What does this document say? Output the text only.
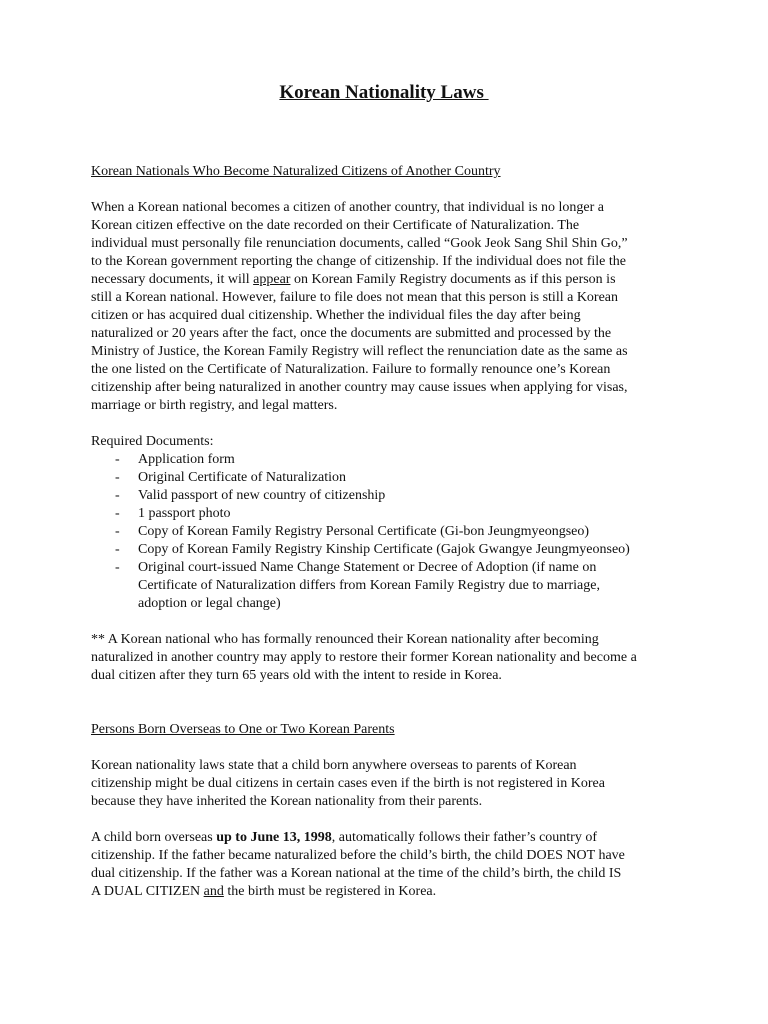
Korean Nationality Laws

Korean Nationals Who Become Naturalized Citizens of Another Country

When a Korean national becomes a citizen of another country, that individual is no longer a
Korean citizen effective on the date recorded on their Certificate of Naturalization. The
individual must personally file renunciation documents, called “Gook Jeok Sang Shil Shin Go,”
to the Korean government reporting the change of citizenship. If the individual does not file the
necessary documents, it will appear on Korean Family Registry documents as if this person is
still a Korean national. However, failure to file does not mean that this person is still a Korean
citizen or has acquired dual citizenship. Whether the individual files the day after being
naturalized or 20 years after the fact, once the documents are submitted and processed by the
Ministry of Justice, the Korean Family Registry will reflect the renunciation date as the same as
the one listed on the Certificate of Naturalization. Failure to formally renounce one’s Korean
citizenship after being naturalized in another country may cause issues when applying for visas,
marriage or birth registry, and legal matters.

Required Documents:

- Application form
- Original Certificate of Naturalization
- Valid passport of new country of citizenship
- 1 passport photo
- Copy of Korean Family Registry Personal Certificate (Gi-bon Jeungmyeongseo)
- Copy of Korean Family Registry Kinship Certificate (Gajok Gwangye Jeungmyeonseo)
- Original court-issued Name Change Statement or Decree of Adoption (if name on
Certificate of Naturalization differs from Korean Family Registry due to marriage,
adoption or legal change)

** A Korean national who has formally renounced their Korean nationality after becoming
naturalized in another country may apply to restore their former Korean nationality and become a
dual citizen after they turn 65 years old with the intent to reside in Korea.

Persons Born Overseas to One or Two Korean Parents

Korean nationality laws state that a child born anywhere overseas to parents of Korean
citizenship might be dual citizens in certain cases even if the birth is not registered in Korea
because they have inherited the Korean nationality from their parents.

A child born overseas up to June 13, 1998, automatically follows their father’s country of
citizenship. If the father became naturalized before the child’s birth, the child DOES NOT have
dual citizenship. If the father was a Korean national at the time of the child’s birth, the child IS
A DUAL CITIZEN and the birth must be registered in Korea.
